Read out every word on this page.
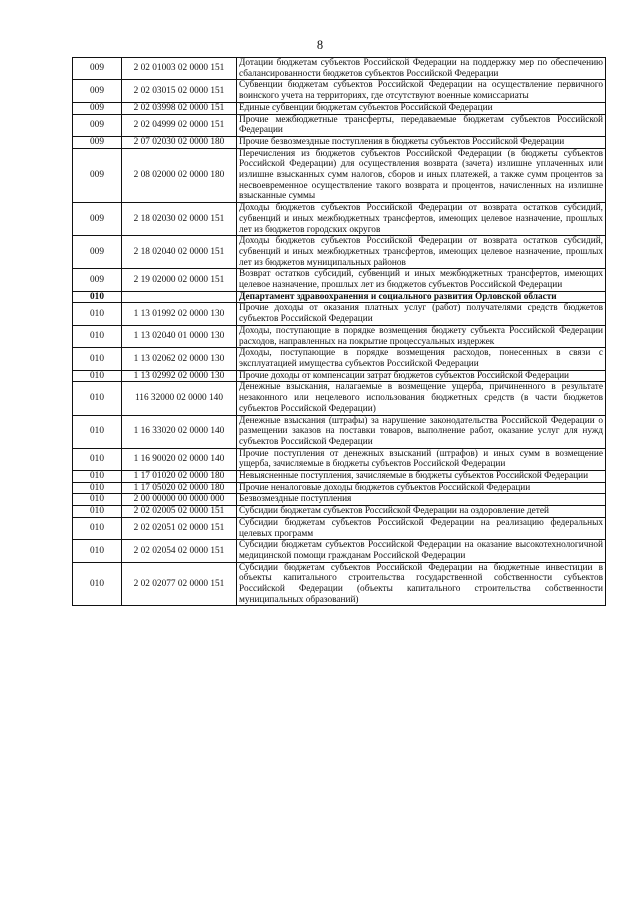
8
009	2 02 01003 02 0000 151	Дотации бюджетам субъектов Российской Федерации на поддержку мер по обеспечению сбалансированности бюджетов субъектов Российской Федерации
009	2 02 03015 02 0000 151	Субвенции бюджетам субъектов Российской Федерации на осуществление первичного воинского учета на территориях, где отсутствуют военные комиссариаты
009	2 02 03998 02 0000 151	Единые субвенции бюджетам субъектов Российской Федерации
009	2 02 04999 02 0000 151	Прочие межбюджетные трансферты, передаваемые бюджетам субъектов Российской Федерации
009	2 07 02030 02 0000 180	Прочие безвозмездные поступления в бюджеты субъектов Российской Федерации
009	2 08 02000 02 0000 180	Перечисления из бюджетов субъектов Российской Федерации (в бюджеты субъектов Российской Федерации) для осуществления возврата (зачета) излишне уплаченных или излишне взысканных сумм налогов, сборов и иных платежей, а также сумм процентов за несвоевременное осуществление такого возврата и процентов, начисленных на излишне взысканные суммы
009	2 18 02030 02 0000 151	Доходы бюджетов субъектов Российской Федерации от возврата остатков субсидий, субвенций и иных межбюджетных трансфертов, имеющих целевое назначение, прошлых лет из бюджетов городских округов
009	2 18 02040 02 0000 151	Доходы бюджетов субъектов Российской Федерации от возврата остатков субсидий, субвенций и иных межбюджетных трансфертов, имеющих целевое назначение, прошлых лет из бюджетов муниципальных районов
009	2 19 02000 02 0000 151	Возврат остатков субсидий, субвенций и иных межбюджетных трансфертов, имеющих целевое назначение, прошлых лет из бюджетов субъектов Российской Федерации
010		Департамент здравоохранения и социального развития Орловской области
010	1 13 01992 02 0000 130	Прочие доходы от оказания платных услуг (работ) получателями средств бюджетов субъектов Российской Федерации
010	1 13 02040 01 0000 130	Доходы, поступающие в порядке возмещения бюджету субъекта Российской Федерации расходов, направленных на покрытие процессуальных издержек
010	1 13 02062 02 0000 130	Доходы, поступающие в порядке возмещения расходов, понесенных в связи с эксплуатацией имущества субъектов Российской Федерации
010	1 13 02992 02 0000 130	Прочие доходы от компенсации затрат бюджетов субъектов Российской Федерации
010	116 32000 02 0000 140	Денежные взыскания, налагаемые в возмещение ущерба, причиненного в результате незаконного или нецелевого использования бюджетных средств (в части бюджетов субъектов Российской Федерации)
010	1 16 33020 02 0000 140	Денежные взыскания (штрафы) за нарушение законодательства Российской Федерации о размещении заказов на поставки товаров, выполнение работ, оказание услуг для нужд субъектов Российской Федерации
010	1 16 90020 02 0000 140	Прочие поступления от денежных взысканий (штрафов) и иных сумм в возмещение ущерба, зачисляемые в бюджеты субъектов Российской Федерации
010	1 17 01020 02 0000 180	Невыясненные поступления, зачисляемые в бюджеты субъектов Российской Федерации
010	1 17 05020 02 0000 180	Прочие неналоговые доходы бюджетов субъектов Российской Федерации
010	2 00 00000 00 0000 000	Безвозмездные поступления
010	2 02 02005 02 0000 151	Субсидии бюджетам субъектов Российской Федерации на оздоровление детей
010	2 02 02051 02 0000 151	Субсидии бюджетам субъектов Российской Федерации на реализацию федеральных целевых программ
010	2 02 02054 02 0000 151	Субсидии бюджетам субъектов Российской Федерации на оказание высокотехнологичной медицинской помощи гражданам Российской Федерации
010	2 02 02077 02 0000 151	Субсидии бюджетам субъектов Российской Федерации на бюджетные инвестиции в объекты капитального строительства государственной собственности субъектов Российской Федерации (объекты капитального строительства собственности муниципальных образований)
